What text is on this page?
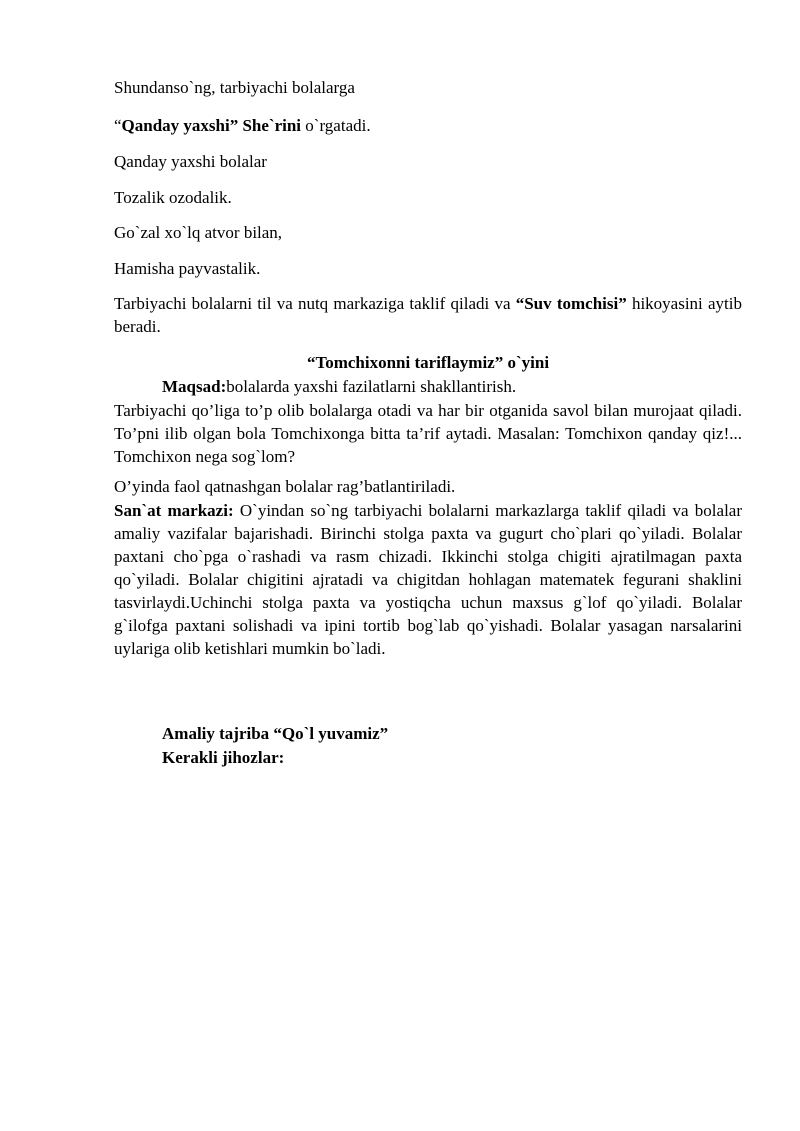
Shundanso`ng, tarbiyachi bolalarga

“Qanday yaxshi” She`rini o`rgatadi.

Qanday yaxshi bolalar

Tozalik ozodalik.

Go`zal xo`lq atvor bilan,

Hamisha payvastalik.

Tarbiyachi bolalarni til va nutq markaziga taklif qiladi va “Suv tomchisi” hikoyasini aytib beradi.

“Tomchixonni tariflaymiz” o`yini

Maqsad:bolalarda yaxshi fazilatlarni shakllantirish.

Tarbiyachi qo’liga to’p olib bolalarga otadi va har bir otganida savol bilan murojaat qiladi. To’pni ilib olgan bola Tomchixonga bitta ta’rif aytadi. Masalan: Tomchixon qanday qiz!... Tomchixon nega sog`lom?

O’yinda faol qatnashgan bolalar rag’batlantiriladi.

San`at markazi: O`yindan so`ng tarbiyachi bolalarni markazlarga taklif qiladi va bolalar amaliy vazifalar bajarishadi. Birinchi stolga paxta va gugurt cho`plari qo`yiladi. Bolalar paxtani cho`pga o`rashadi va rasm chizadi. Ikkinchi stolga chigiti ajratilmagan paxta qo`yiladi. Bolalar chigitini ajratadi va chigitdan hohlagan matematek fegurani shaklini tasvirlaydi.Uchinchi stolga paxta va yostiqcha uchun maxsus g`lof qo`yiladi. Bolalar g`ilofga paxtani solishadi va ipini tortib bog`lab qo`yishadi. Bolalar yasagan narsalarini uylariga olib ketishlari mumkin bo`ladi.

Amaliy tajriba “Qo`l yuvamiz”

Kerakli jihozlar:
